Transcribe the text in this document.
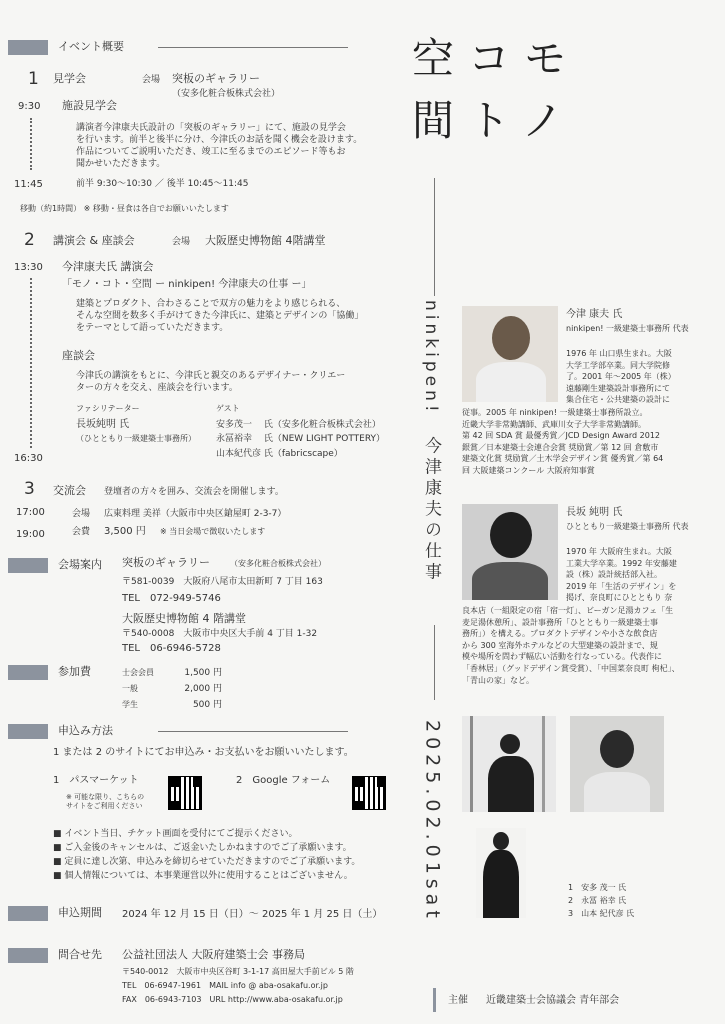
イベント概要
1 見学会	会場 突板のギャラリー
（安多化粧合板株式会社）
9:30 施設見学会
講演者今津康夫氏設計の「突板のギャラリー」にて、施設の見学会
を行います。前半と後半に分け、今津氏のお話を聞く機会を設けます。
作品についてご説明いただき、竣工に至るまでのエピソード等もお
聞かせいただきます。
11:45	前半 9:30〜10:30 ／ 後半 10:45〜11:45
移動（約1時間） ※ 移動・昼食は各自でお願いいたします
2 講演会 & 座談会	会場 大阪歴史博物館 4階講堂
13:30 今津康夫氏 講演会
「モノ・コト・空間 ー ninkipen! 今津康夫の仕事 ー」
建築とプロダクト、合わさることで双方の魅力をより感じられる、
そんな空間を数多く手がけてきた今津氏に、建築とデザインの「協働」
をテーマとして語っていただきます。
座談会
今津氏の講演をもとに、今津氏と親交のあるデザイナー・クリエー
ターの方々を交え、座談会を行います。
ファシリテーター
長坂純明 氏
（ひとともり一級建築士事務所）
ゲスト
安多茂一　 氏（安多化粧合板株式会社）
永冨裕幸　 氏（NEW LIGHT POTTERY）
山本紀代彦 氏（fabricscape）
16:30
3 交流会 登壇者の方々を囲み、交流会を開催します。
17:00	会場 広東料理 美祥（大阪市中央区鎗屋町 2-3-7）
会費 3,500 円 ※ 当日会場で徴収いたします
19:00
会場案内 突板のギャラリー	（安多化粧合板株式会社）
〒581-0039　大阪府八尾市太田新町 7 丁目 163
TEL　072-949-5746
大阪歴史博物館 4 階講堂
〒540-0008　大阪市中央区大手前 4 丁目 1-32
TEL　06-6946-5728
参加費	士会会員	1,500 円
一般	2,000 円
学生	500 円
申込み方法
1 または 2 のサイトにてお申込み・お支払いをお願いいたします。
1　パスマーケット
※ 可能な限り、こちらの
サイトをご利用ください
2　Google フォーム
■ イベント当日、チケット画面を受付にてご提示ください。
■ ご入金後のキャンセルは、ご返金いたしかねますのでご了承願います。
■ 定員に達し次第、申込みを締切らせていただきますのでご了承願います。
■ 個人情報については、本事業運営以外に使用することはございません。
申込期間 2024 年 12 月 15 日（日）〜 2025 年 1 月 25 日（土）
問合せ先 公益社団法人 大阪府建築士会 事務局
〒540-0012　大阪市中央区谷町 3-1-17 高田屋大手前ビル 5 階
TEL　06-6947-1961　MAIL info @ aba-osakafu.or.jp
FAX　06-6943-7103　URL http://www.aba-osakafu.or.jp
空コモ
間トノ
ninkipen!　今津康夫の仕事
2025.02.01sat
今津 康夫 氏
ninkipen! 一級建築士事務所 代表
1976 年 山口県生まれ。大阪
大学工学部卒業。同大学院修
了。2001 年〜2005 年（株）
遠藤剛生建築設計事務所にて
集合住宅・公共建築の設計に
従事。2005 年 ninkipen! 一級建築士事務所設立。
近畿大学非常勤講師、武庫川女子大学非常勤講師。
第 42 回 SDA 賞 最優秀賞／JCD Design Award 2012
銀賞／日本建築士会連合会賞 奨励賞／第 12 回 倉敷市
建築文化賞 奨励賞／土木学会デザイン賞 優秀賞／第 64
回 大阪建築コンクール 大阪府知事賞
長坂 純明 氏
ひとともり一級建築士事務所 代表
1970 年 大阪府生まれ。大阪
工業大学卒業。1992 年安藤建
設（株）設計統括部入社。
2019 年「生活のデザイン」を
掲げ、奈良町にひとともり 奈
良本店（一組限定の宿「宿一灯」、ビーガン足湯カフェ「生
麦足湯休憩所」、設計事務所「ひとともり一級建築士事
務所」）を構える。プロダクトデザインや小さな飲食店
から 300 室海外ホテルなどの大型建築の設計まで、規
模や場所を問わず幅広い活動を行なっている。代表作に
「香林居」（グッドデザイン賞受賞）、「中国菜奈良町 枸杞」、
「青山の家」など。
1　安多 茂一 氏
2　永冨 裕幸 氏
3　山本 紀代彦 氏
主催 近畿建築士会協議会 青年部会
